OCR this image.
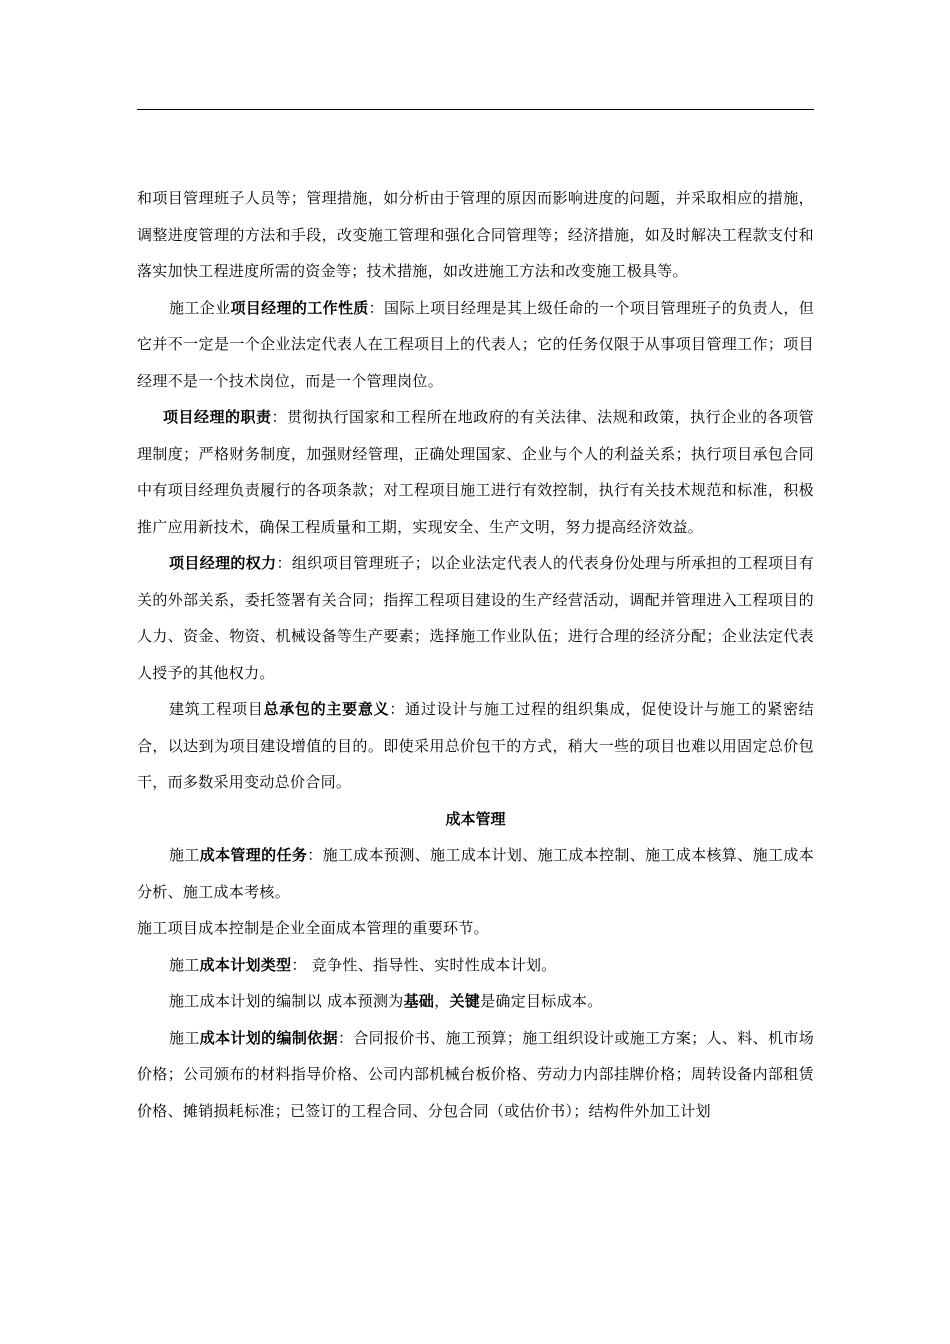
和项目管理班子人员等；管理措施，如分析由于管理的原因而影响进度的问题，并采取相应的措施，调整进度管理的方法和手段，改变施工管理和强化合同管理等；经济措施，如及时解决工程款支付和落实加快工程进度所需的资金等；技术措施，如改进施工方法和改变施工极具等。

施工企业项目经理的工作性质：国际上项目经理是其上级任命的一个项目管理班子的负责人，但它并不一定是一个企业法定代表人在工程项目上的代表人；它的任务仅限于从事项目管理工作；项目经理不是一个技术岗位，而是一个管理岗位。

项目经理的职责：贯彻执行国家和工程所在地政府的有关法律、法规和政策，执行企业的各项管理制度；严格财务制度，加强财经管理，正确处理国家、企业与个人的利益关系；执行项目承包合同中有项目经理负责履行的各项条款；对工程项目施工进行有效控制，执行有关技术规范和标准，积极推广应用新技术，确保工程质量和工期，实现安全、生产文明，努力提高经济效益。

项目经理的权力：组织项目管理班子；以企业法定代表人的代表身份处理与所承担的工程项目有关的外部关系，委托签署有关合同；指挥工程项目建设的生产经营活动，调配并管理进入工程项目的人力、资金、物资、机械设备等生产要素；选择施工作业队伍；进行合理的经济分配；企业法定代表人授予的其他权力。

建筑工程项目总承包的主要意义：通过设计与施工过程的组织集成，促使设计与施工的紧密结合，以达到为项目建设增值的目的。即使采用总价包干的方式，稍大一些的项目也难以用固定总价包干，而多数采用变动总价合同。

成本管理

施工成本管理的任务：施工成本预测、施工成本计划、施工成本控制、施工成本核算、施工成本分析、施工成本考核。

施工项目成本控制是企业全面成本管理的重要环节。

施工成本计划类型： 竞争性、指导性、实时性成本计划。

施工成本计划的编制以 成本预测为基础，关键是确定目标成本。

施工成本计划的编制依据：合同报价书、施工预算；施工组织设计或施工方案；人、料、机市场价格；公司颁布的材料指导价格、公司内部机械台板价格、劳动力内部挂牌价格；周转设备内部租赁价格、摊销损耗标准；已签订的工程合同、分包合同（或估价书）；结构件外加工计划
